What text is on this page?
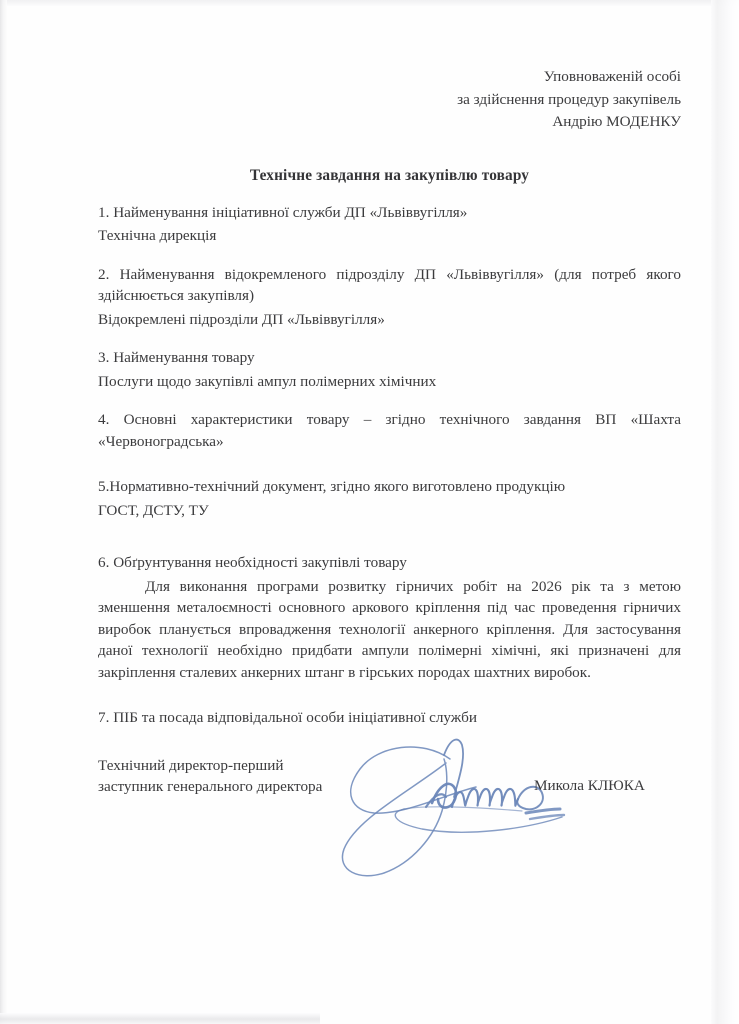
Уповноваженій особі
за здійснення процедур закупівель
Андрію МОДЕНКУ
Технічне завдання на закупівлю товару
1. Найменування ініціативної служби ДП «Львіввугілля»
Технічна дирекція
2. Найменування відокремленого підрозділу ДП «Львіввугілля» (для потреб якого здійснюється закупівля)
Відокремлені підрозділи ДП «Львіввугілля»
3. Найменування товару
Послуги щодо закупівлі ампул полімерних хімічних
4. Основні характеристики товару – згідно технічного завдання ВП «Шахта «Червоноградська»
5.Нормативно-технічний документ, згідно якого виготовлено продукцію
ГОСТ, ДСТУ, ТУ
6. Обґрунтування необхідності закупівлі товару
Для виконання програми розвитку гірничих робіт на 2026 рік та з метою зменшення металоємності основного аркового кріплення під час проведення гірничих виробок планується впровадження технології анкерного кріплення. Для застосування даної технології необхідно придбати ампули полімерні хімічні, які призначені для закріплення сталевих анкерних штанг в гірських породах шахтних виробок.
7. ПІБ та посада відповідальної особи ініціативної служби
Технічний директор-перший
заступник генерального директора	Микола КЛЮКА
